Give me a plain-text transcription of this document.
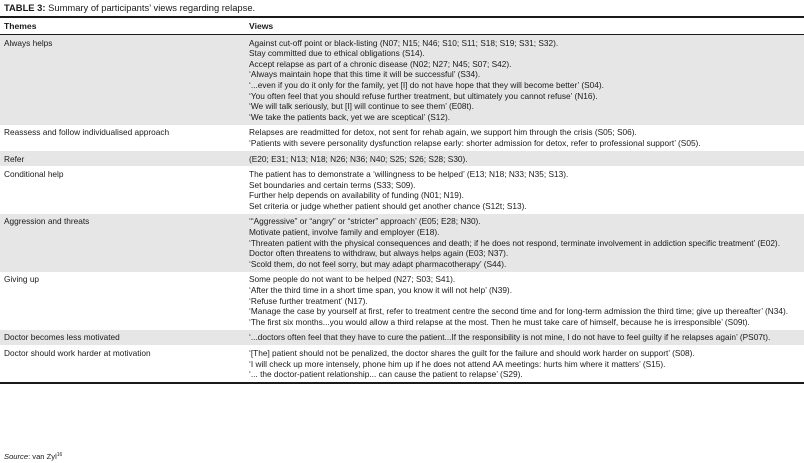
TABLE 3: Summary of participants’ views regarding relapse.
Themes	Views
Always helps	Against cut-off point or black-listing (N07; N15; N46; S10; S11; S18; S19; S31; S32).
Stay committed due to ethical obligations (S14).
Accept relapse as part of a chronic disease (N02; N27; N45; S07; S42).
‘Always maintain hope that this time it will be successful’ (S34).
‘...even if you do it only for the family, yet [I] do not have hope that they will become better’ (S04).
‘You often feel that you should refuse further treatment, but ultimately you cannot refuse’ (N16).
‘We will talk seriously, but [I] will continue to see them’ (E08t).
‘We take the patients back, yet we are sceptical’ (S12).
Reassess and follow individualised approach	Relapses are readmitted for detox, not sent for rehab again, we support him through the crisis (S05; S06).
‘Patients with severe personality dysfunction relapse early: shorter admission for detox, refer to professional support’ (S05).
Refer	(E20; E31; N13; N18; N26; N36; N40; S25; S26; S28; S30).
Conditional help	The patient has to demonstrate a ‘willingness to be helped’ (E13; N18; N33; N35; S13).
Set boundaries and certain terms (S33; S09).
Further help depends on availability of funding (N01; N19).
Set criteria or judge whether patient should get another chance (S12t; S13).
Aggression and threats	‘“Aggressive” or “angry” or “stricter” approach’ (E05; E28; N30).
Motivate patient, involve family and employer (E18).
‘Threaten patient with the physical consequences and death; if he does not respond, terminate involvement in addiction specific treatment’ (E02).
Doctor often threatens to withdraw, but always helps again (E03; N37).
‘Scold them, do not feel sorry, but may adapt pharmacotherapy’ (S44).
Giving up	Some people do not want to be helped (N27; S03; S41).
‘After the third time in a short time span, you know it will not help’ (N39).
‘Refuse further treatment’ (N17).
‘Manage the case by yourself at first, refer to treatment centre the second time and for long-term admission the third time; give up thereafter’ (N34).
‘The first six months...you would allow a third relapse at the most. Then he must take care of himself, because he is irresponsible’ (S09t).
Doctor becomes less motivated	‘...doctors often feel that they have to cure the patient...If the responsibility is not mine, I do not have to feel guilty if he relapses again’ (PS07t).
Doctor should work harder at motivation	‘[The] patient should not be penalized, the doctor shares the guilt for the failure and should work harder on support’ (S08).
‘I will check up more intensely, phone him up if he does not attend AA meetings: hurts him where it matters’ (S15).
‘... the doctor-patient relationship... can cause the patient to relapse’ (S29).
Source: van Zyl$^{16}$
